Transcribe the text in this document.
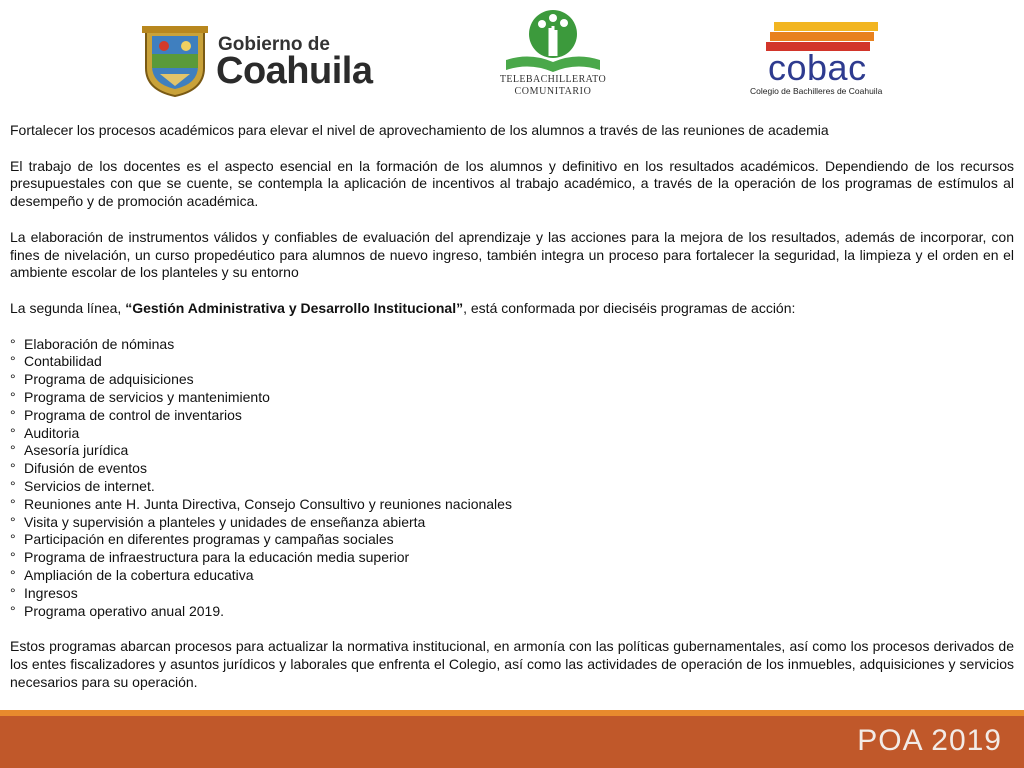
Gobierno de
Coahuila	TELEBACHILLERATO
COMUNITARIO
cobac
Colegio de Bachilleres de Coahuila

Fortalecer los procesos académicos para elevar el nivel de aprovechamiento de los alumnos a través de las reuniones de academia

El trabajo de los docentes es el aspecto esencial en la formación de los alumnos y definitivo en los resultados académicos. Dependiendo de los recursos presupuestales con que se cuente, se contempla la aplicación de incentivos al trabajo académico, a través de la operación de los programas de estímulos al desempeño y de promoción académica.

La elaboración de instrumentos válidos y confiables de evaluación del aprendizaje y las acciones para la mejora de los resultados, además de incorporar, con fines de nivelación, un curso propedéutico para alumnos de nuevo ingreso, también integra un proceso para fortalecer la seguridad, la limpieza y el orden en el ambiente escolar de los planteles y su entorno

La segunda línea, “Gestión Administrativa y Desarrollo Institucional”, está conformada por dieciséis programas de acción:

° Elaboración de nóminas
° Contabilidad
° Programa de adquisiciones
° Programa de servicios y mantenimiento
° Programa de control de inventarios
° Auditoria
° Asesoría jurídica
° Difusión de eventos
° Servicios de internet.
° Reuniones ante H. Junta Directiva, Consejo Consultivo y reuniones nacionales
° Visita y supervisión a planteles y unidades de enseñanza abierta
° Participación en diferentes programas y campañas sociales
° Programa de infraestructura para la educación media superior
° Ampliación de la cobertura educativa
° Ingresos
° Programa operativo anual 2019.

Estos programas abarcan procesos para actualizar la normativa institucional, en armonía con las políticas gubernamentales, así como los procesos derivados de los entes fiscalizadores y asuntos jurídicos y laborales que enfrenta el Colegio, así como las actividades de operación de los inmuebles, adquisiciones y servicios necesarios para su operación.

POA 2019
